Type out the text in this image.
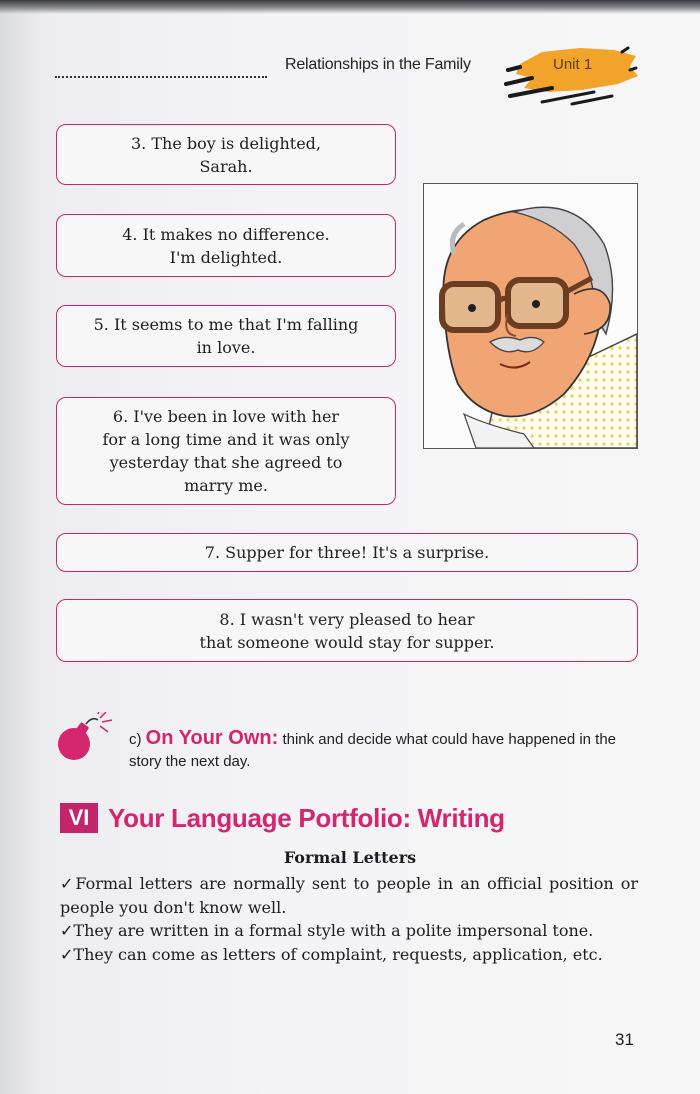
Relationships in the Family	Unit 1
3. The boy is delighted,
Sarah.
4. It makes no difference.
I'm delighted.
5. It seems to me that I'm falling
in love.
6. I've been in love with her
for a long time and it was only
yesterday that she agreed to
marry me.
7. Supper for three! It's a surprise.
8. I wasn't very pleased to hear
that someone would stay for supper.
c) On Your Own: think and decide what could have happened in the story the next day.
VI Your Language Portfolio: Writing
Formal Letters

✓Formal letters are normally sent to people in an official position or people you don't know well.

✓They are written in a formal style with a polite impersonal tone.

✓They can come as letters of complaint, requests, application, etc.

31
